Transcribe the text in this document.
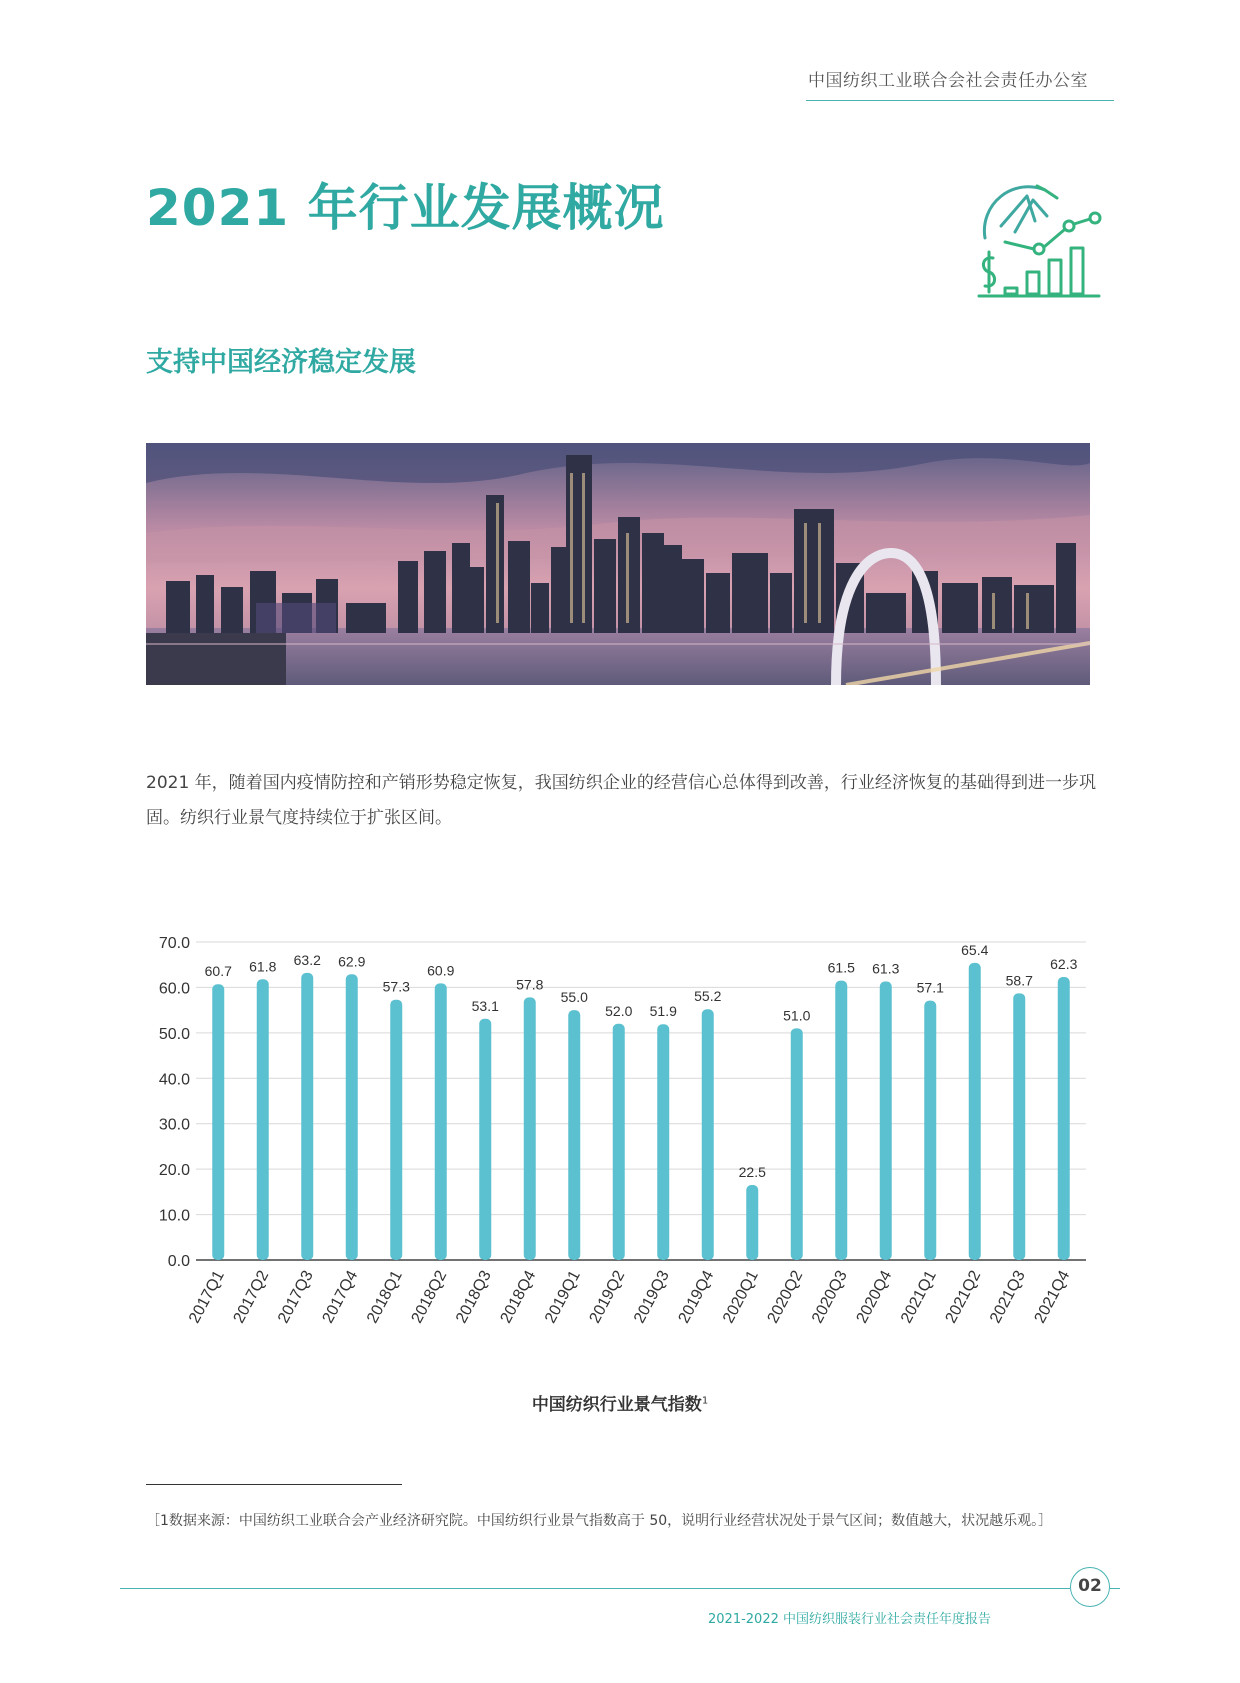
中国纺织工业联合会社会责任办公室
2021 年行业发展概况
支持中国经济稳定发展

2021 年，随着国内疫情防控和产销形势稳定恢复，我国纺织企业的经营信心总体得到改善，行业经济恢复的基础得到进一步巩固。纺织行业景气度持续位于扩张区间。

60.7 61.8 63.2 62.9
57.3
60.9
53.1
57.8
55.0
52.0 51.9
55.2
22.5
51.0
61.5 61.3
57.1
65.4
58.7
62.3
0.0
10.0
20.0
30.0
40.0
50.0
60.0
70.0
2017Q1 2017Q2 2017Q3 2017Q4 2018Q1 2018Q2 2018Q3 2018Q4 2019Q1 2019Q2 2019Q3 2019Q4 2020Q1 2020Q2 2020Q3 2020Q4 2021Q1 2021Q2 2021Q3 2021Q4
中国纺织行业景气指数$^1$
［1数据来源：中国纺织工业联合会产业经济研究院。中国纺织行业景气指数高于 50，说明行业经营状况处于景气区间；数值越大，状况越乐观。］
02
2021-2022 中国纺织服装行业社会责任年度报告
